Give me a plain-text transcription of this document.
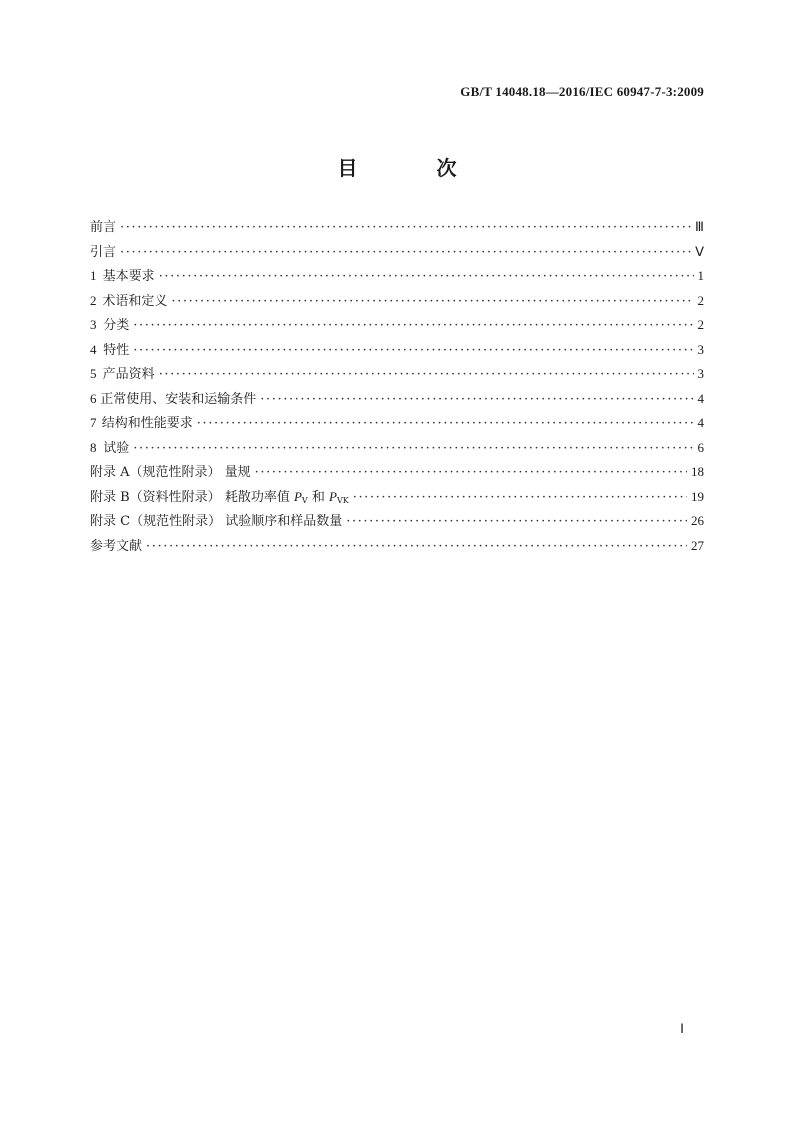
GB/T 14048.18—2016/IEC 60947-7-3:2009
目 次
前言 ·····	Ⅲ
引言 ·····	Ⅴ
1 基本要求 ·····	1
2 术语和定义 ·····	2
3 分类 ·····	2
4 特性 ·····	3
5 产品资料 ·····	3
6 正常使用、安装和运输条件 ·····	4
7 结构和性能要求 ·····	4
8 试验 ·····	6
附录 A（规范性附录） 量规 ·····	18
附录 B（资料性附录） 耗散功率值 $P_V$ 和 $P_{VK}$ ·····	19
附录 C（规范性附录） 试验顺序和样品数量 ·····	26
参考文献 ·····	27
Ⅰ
